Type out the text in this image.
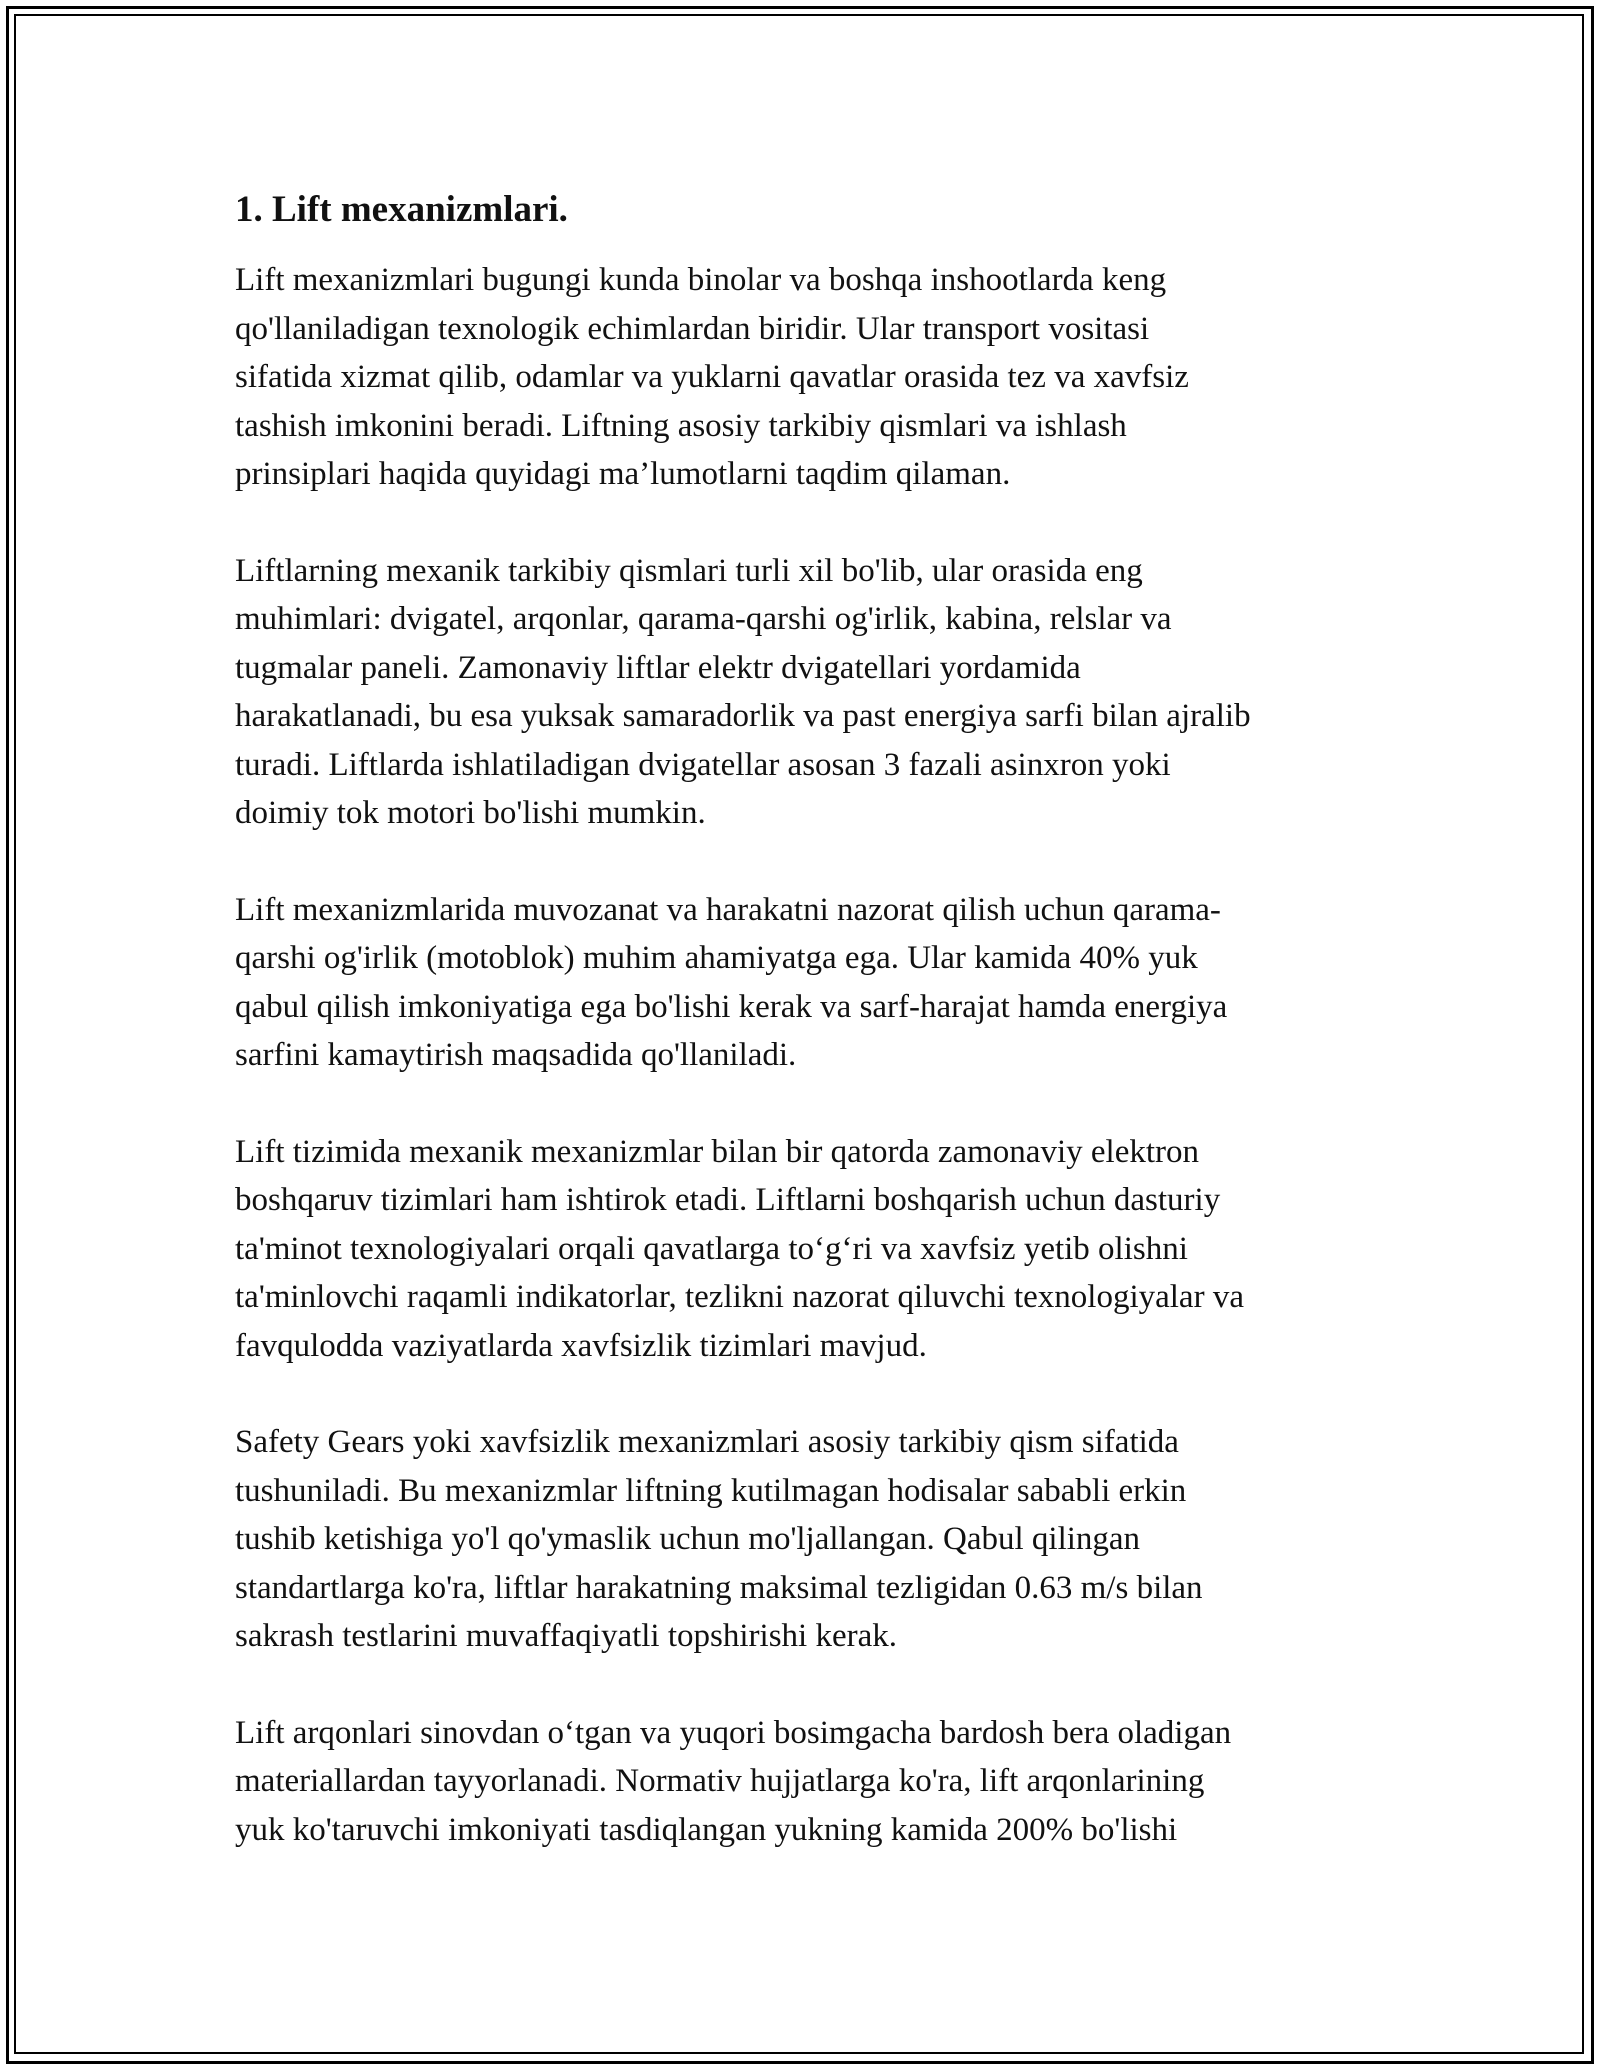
1. Lift mexanizmlari.
Lift mexanizmlari bugungi kunda binolar va boshqa inshootlarda keng
qo'llaniladigan texnologik echimlardan biridir. Ular transport vositasi
sifatida xizmat qilib, odamlar va yuklarni qavatlar orasida tez va xavfsiz
tashish imkonini beradi. Liftning asosiy tarkibiy qismlari va ishlash
prinsiplari haqida quyidagi ma’lumotlarni taqdim qilaman.
Liftlarning mexanik tarkibiy qismlari turli xil bo'lib, ular orasida eng
muhimlari: dvigatel, arqonlar, qarama-qarshi og'irlik, kabina, relslar va
tugmalar paneli. Zamonaviy liftlar elektr dvigatellari yordamida
harakatlanadi, bu esa yuksak samaradorlik va past energiya sarfi bilan ajralib
turadi. Liftlarda ishlatiladigan dvigatellar asosan 3 fazali asinxron yoki
doimiy tok motori bo'lishi mumkin.
Lift mexanizmlarida muvozanat va harakatni nazorat qilish uchun qarama-
qarshi og'irlik (motoblok) muhim ahamiyatga ega. Ular kamida 40% yuk
qabul qilish imkoniyatiga ega bo'lishi kerak va sarf-harajat hamda energiya
sarfini kamaytirish maqsadida qo'llaniladi.
Lift tizimida mexanik mexanizmlar bilan bir qatorda zamonaviy elektron
boshqaruv tizimlari ham ishtirok etadi. Liftlarni boshqarish uchun dasturiy
ta'minot texnologiyalari orqali qavatlarga to‘g‘ri va xavfsiz yetib olishni
ta'minlovchi raqamli indikatorlar, tezlikni nazorat qiluvchi texnologiyalar va
favqulodda vaziyatlarda xavfsizlik tizimlari mavjud.
Safety Gears yoki xavfsizlik mexanizmlari asosiy tarkibiy qism sifatida
tushuniladi. Bu mexanizmlar liftning kutilmagan hodisalar sababli erkin
tushib ketishiga yo'l qo'ymaslik uchun mo'ljallangan. Qabul qilingan
standartlarga ko'ra, liftlar harakatning maksimal tezligidan 0.63 m/s bilan
sakrash testlarini muvaffaqiyatli topshirishi kerak.
Lift arqonlari sinovdan o‘tgan va yuqori bosimgacha bardosh bera oladigan
materiallardan tayyorlanadi. Normativ hujjatlarga ko'ra, lift arqonlarining
yuk ko'taruvchi imkoniyati tasdiqlangan yukning kamida 200% bo'lishi
